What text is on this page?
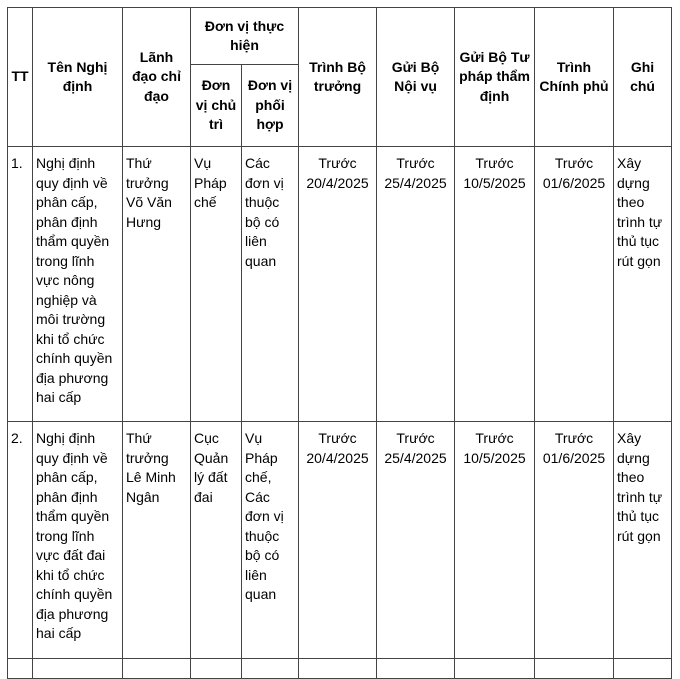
TT	Tên Nghị định	Lãnh đạo chỉ đạo	Đơn vị thực hiện		Trình Bộ trưởng	Gửi Bộ Nội vụ	Gửi Bộ Tư pháp thẩm định	Trình Chính phủ	Ghi chú
			Đơn vị chủ trì	Đơn vị phối hợp					
1.	Nghị định quy định về phân cấp, phân định thẩm quyền trong lĩnh vực nông nghiệp và môi trường khi tổ chức chính quyền địa phương hai cấp	Thứ trưởng Võ Văn Hưng	Vụ Pháp chế	Các đơn vị thuộc bộ có liên quan	Trước 20/4/2025	Trước 25/4/2025	Trước 10/5/2025	Trước 01/6/2025	Xây dựng theo trình tự thủ tục rút gọn
2.	Nghị định quy định về phân cấp, phân định thẩm quyền trong lĩnh vực đất đai khi tổ chức chính quyền địa phương hai cấp	Thứ trưởng Lê Minh Ngân	Cục Quản lý đất đai	Vụ Pháp chế, Các đơn vị thuộc bộ có liên quan	Trước 20/4/2025	Trước 25/4/2025	Trước 10/5/2025	Trước 01/6/2025	Xây dựng theo trình tự thủ tục rút gọn
